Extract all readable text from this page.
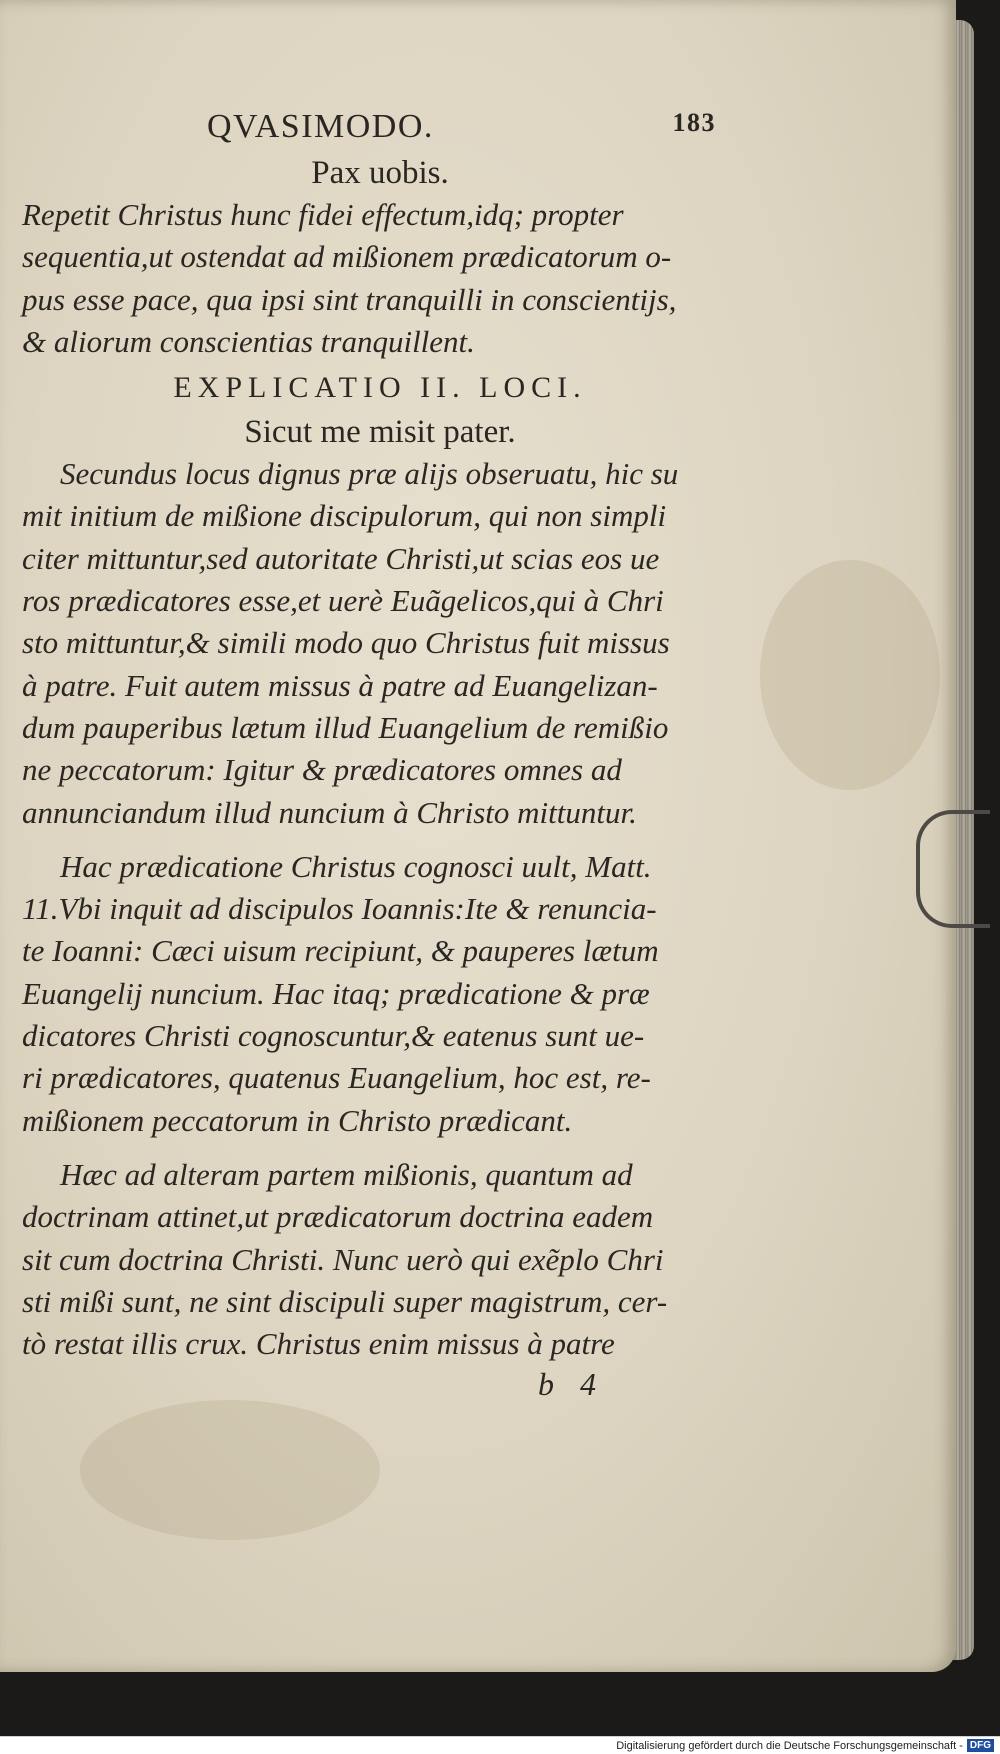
QVASIMODO.	183
Pax uobis.

Repetit Christus hunc fidei effectum,idq; propter
sequentia,ut ostendat ad mißionem prædicatorum o-
pus esse pace, qua ipsi sint tranquilli in conscientijs,
& aliorum conscientias tranquillent.

EXPLICATIO II. LOCI.
Sicut me misit pater.

Secundus locus dignus præ alijs obseruatu, hic su
mit initium de mißione discipulorum, qui non simpli
citer mittuntur,sed autoritate Christi,ut scias eos ue
ros prædicatores esse,et uerè Euãgelicos,qui à Chri
sto mittuntur,& simili modo quo Christus fuit missus
à patre. Fuit autem missus à patre ad Euangelizan-
dum pauperibus lætum illud Euangelium de remißio
ne peccatorum: Igitur & prædicatores omnes ad
annunciandum illud nuncium à Christo mittuntur.

Hac prædicatione Christus cognosci uult, Matt.
11.Vbi inquit ad discipulos Ioannis:Ite & renuncia-
te Ioanni: Cæci uisum recipiunt, & pauperes lætum
Euangelij nuncium. Hac itaq; prædicatione & præ
dicatores Christi cognoscuntur,& eatenus sunt ue-
ri prædicatores, quatenus Euangelium, hoc est, re-
mißionem peccatorum in Christo prædicant.

Hæc ad alteram partem mißionis, quantum ad
doctrinam attinet,ut prædicatorum doctrina eadem
sit cum doctrina Christi. Nunc uerò qui exẽplo Chri
sti mißi sunt, ne sint discipuli super magistrum, cer-
tò restat illis crux. Christus enim missus à patre

b 4
Digitalisierung gefördert durch die Deutsche Forschungsgemeinschaft - DFG
